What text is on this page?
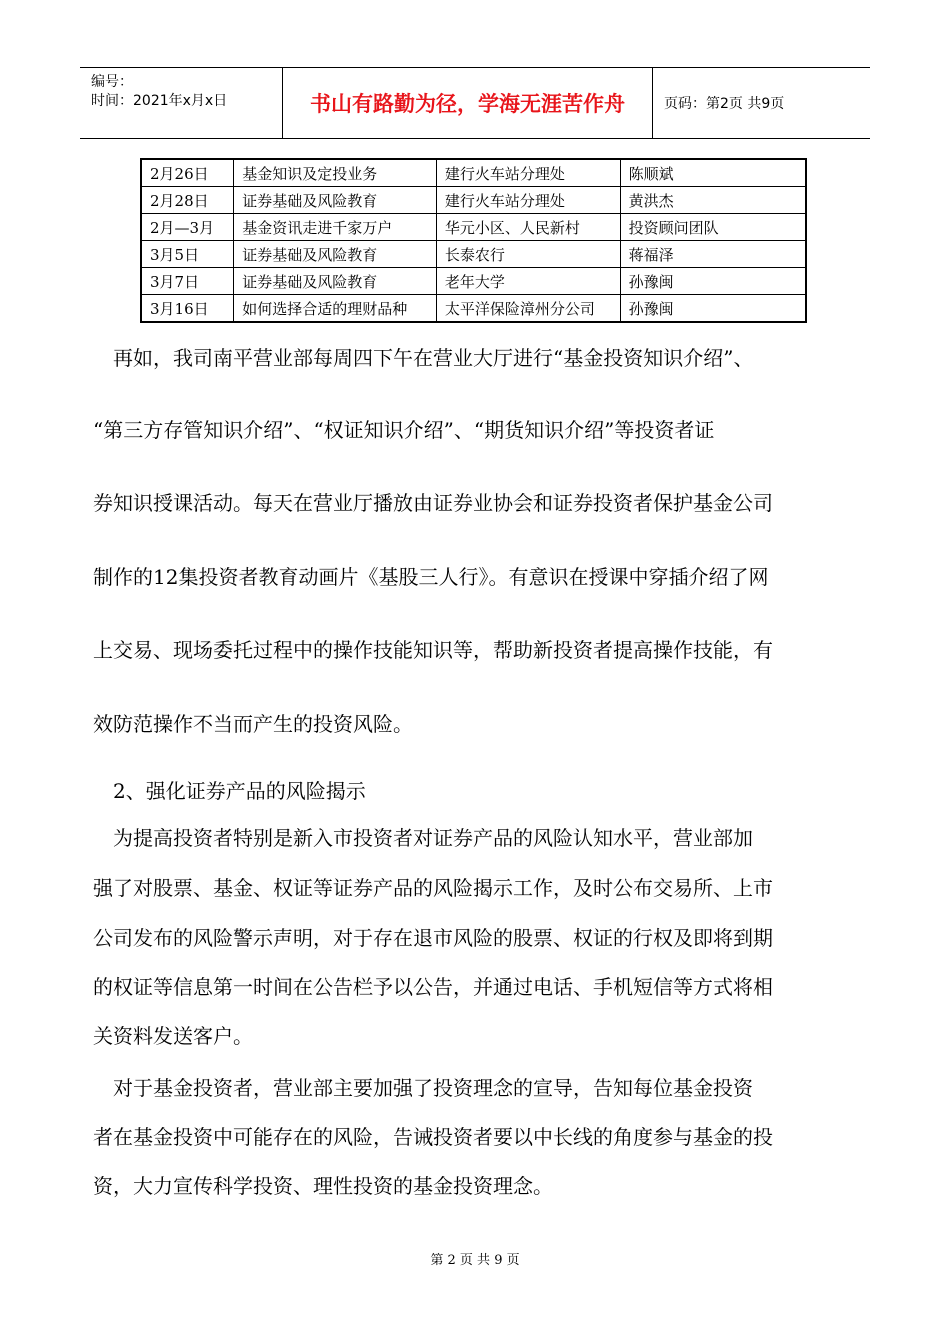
编号：
时间：2021年x月x日	书山有路勤为径，学海无涯苦作舟	页码：第2页 共9页
2月26日	基金知识及定投业务	建行火车站分理处	陈顺斌
2月28日	证券基础及风险教育	建行火车站分理处	黄洪杰
2月—3月	基金资讯走进千家万户	华元小区、人民新村	投资顾问团队
3月5日	证券基础及风险教育	长泰农行	蒋福泽
3月7日	证券基础及风险教育	老年大学	孙豫闽
3月16日	如何选择合适的理财品种	太平洋保险漳州分公司	孙豫闽
　再如，我司南平营业部每周四下午在营业大厅进行“基金投资知识介绍”、
“第三方存管知识介绍”、“权证知识介绍”、“期货知识介绍”等投资者证
券知识授课活动。每天在营业厅播放由证券业协会和证券投资者保护基金公司
制作的12集投资者教育动画片《基股三人行》。有意识在授课中穿插介绍了网
上交易、现场委托过程中的操作技能知识等，帮助新投资者提高操作技能，有
效防范操作不当而产生的投资风险。
　2、强化证券产品的风险揭示
　为提高投资者特别是新入市投资者对证券产品的风险认知水平，营业部加
强了对股票、基金、权证等证券产品的风险揭示工作，及时公布交易所、上市
公司发布的风险警示声明，对于存在退市风险的股票、权证的行权及即将到期
的权证等信息第一时间在公告栏予以公告，并通过电话、手机短信等方式将相
关资料发送客户。
　对于基金投资者，营业部主要加强了投资理念的宣导，告知每位基金投资
者在基金投资中可能存在的风险，告诫投资者要以中长线的角度参与基金的投
资，大力宣传科学投资、理性投资的基金投资理念。
第 2 页 共 9 页
